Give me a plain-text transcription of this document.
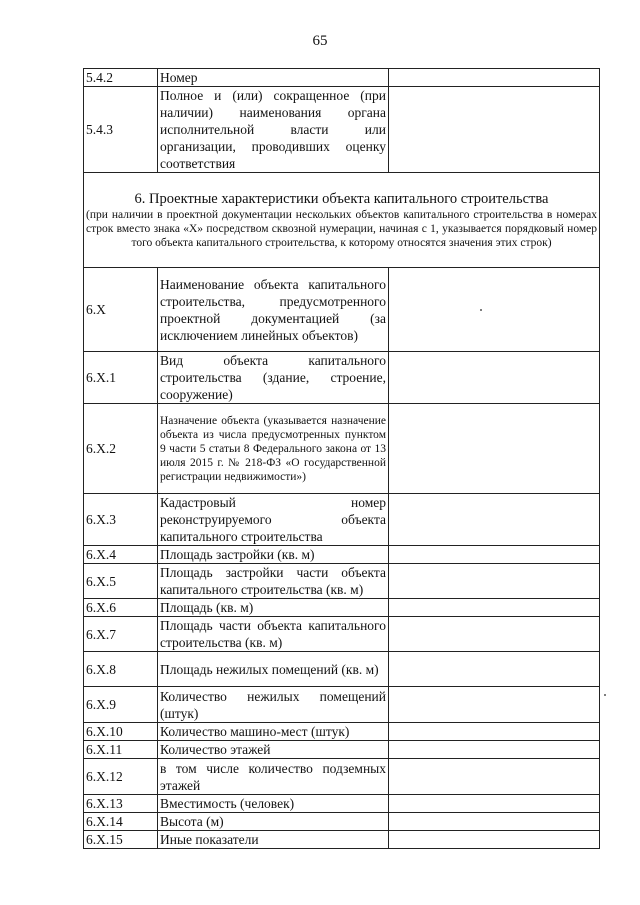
65
5.4.2	Номер	
5.4.3	Полное и (или) сокращенное (при наличии) наименования органа исполнительной власти или организации, проводивших оценку соответствия	

6. Проектные характеристики объекта капитального строительства
(при наличии в проектной документации нескольких объектов капитального строительства в номерах строк вместо знака «Х» посредством сквозной нумерации, начиная с 1, указывается порядковый номер того объекта капитального строительства, к которому относятся значения этих строк)		

6.X	Наименование объекта капитального строительства, предусмотренного проектной документацией (за исключением линейных объектов)	
6.X.1	Вид объекта капитального строительства (здание, строение, сооружение)	
6.X.2	Назначение объекта (указывается назначение объекта из числа предусмотренных пунктом 9 части 5 статьи 8 Федерального закона от 13 июля 2015 г. № 218-ФЗ «О государственной регистрации недвижимости»)	
6.X.3	Кадастровый номер реконструируемого объекта капитального строительства	
6.X.4	Площадь застройки (кв. м)	
6.X.5	Площадь застройки части объекта капитального строительства (кв. м)	
6.X.6	Площадь (кв. м)	
6.X.7	Площадь части объекта капитального строительства (кв. м)	
6.X.8	Площадь нежилых помещений (кв. м)	
6.X.9	Количество нежилых помещений (штук)	
6.X.10	Количество машино-мест (штук)	
6.X.11	Количество этажей	
6.X.12	в том числе количество подземных этажей	
6.X.13	Вместимость (человек)	
6.X.14	Высота (м)	
6.X.15	Иные показатели	
